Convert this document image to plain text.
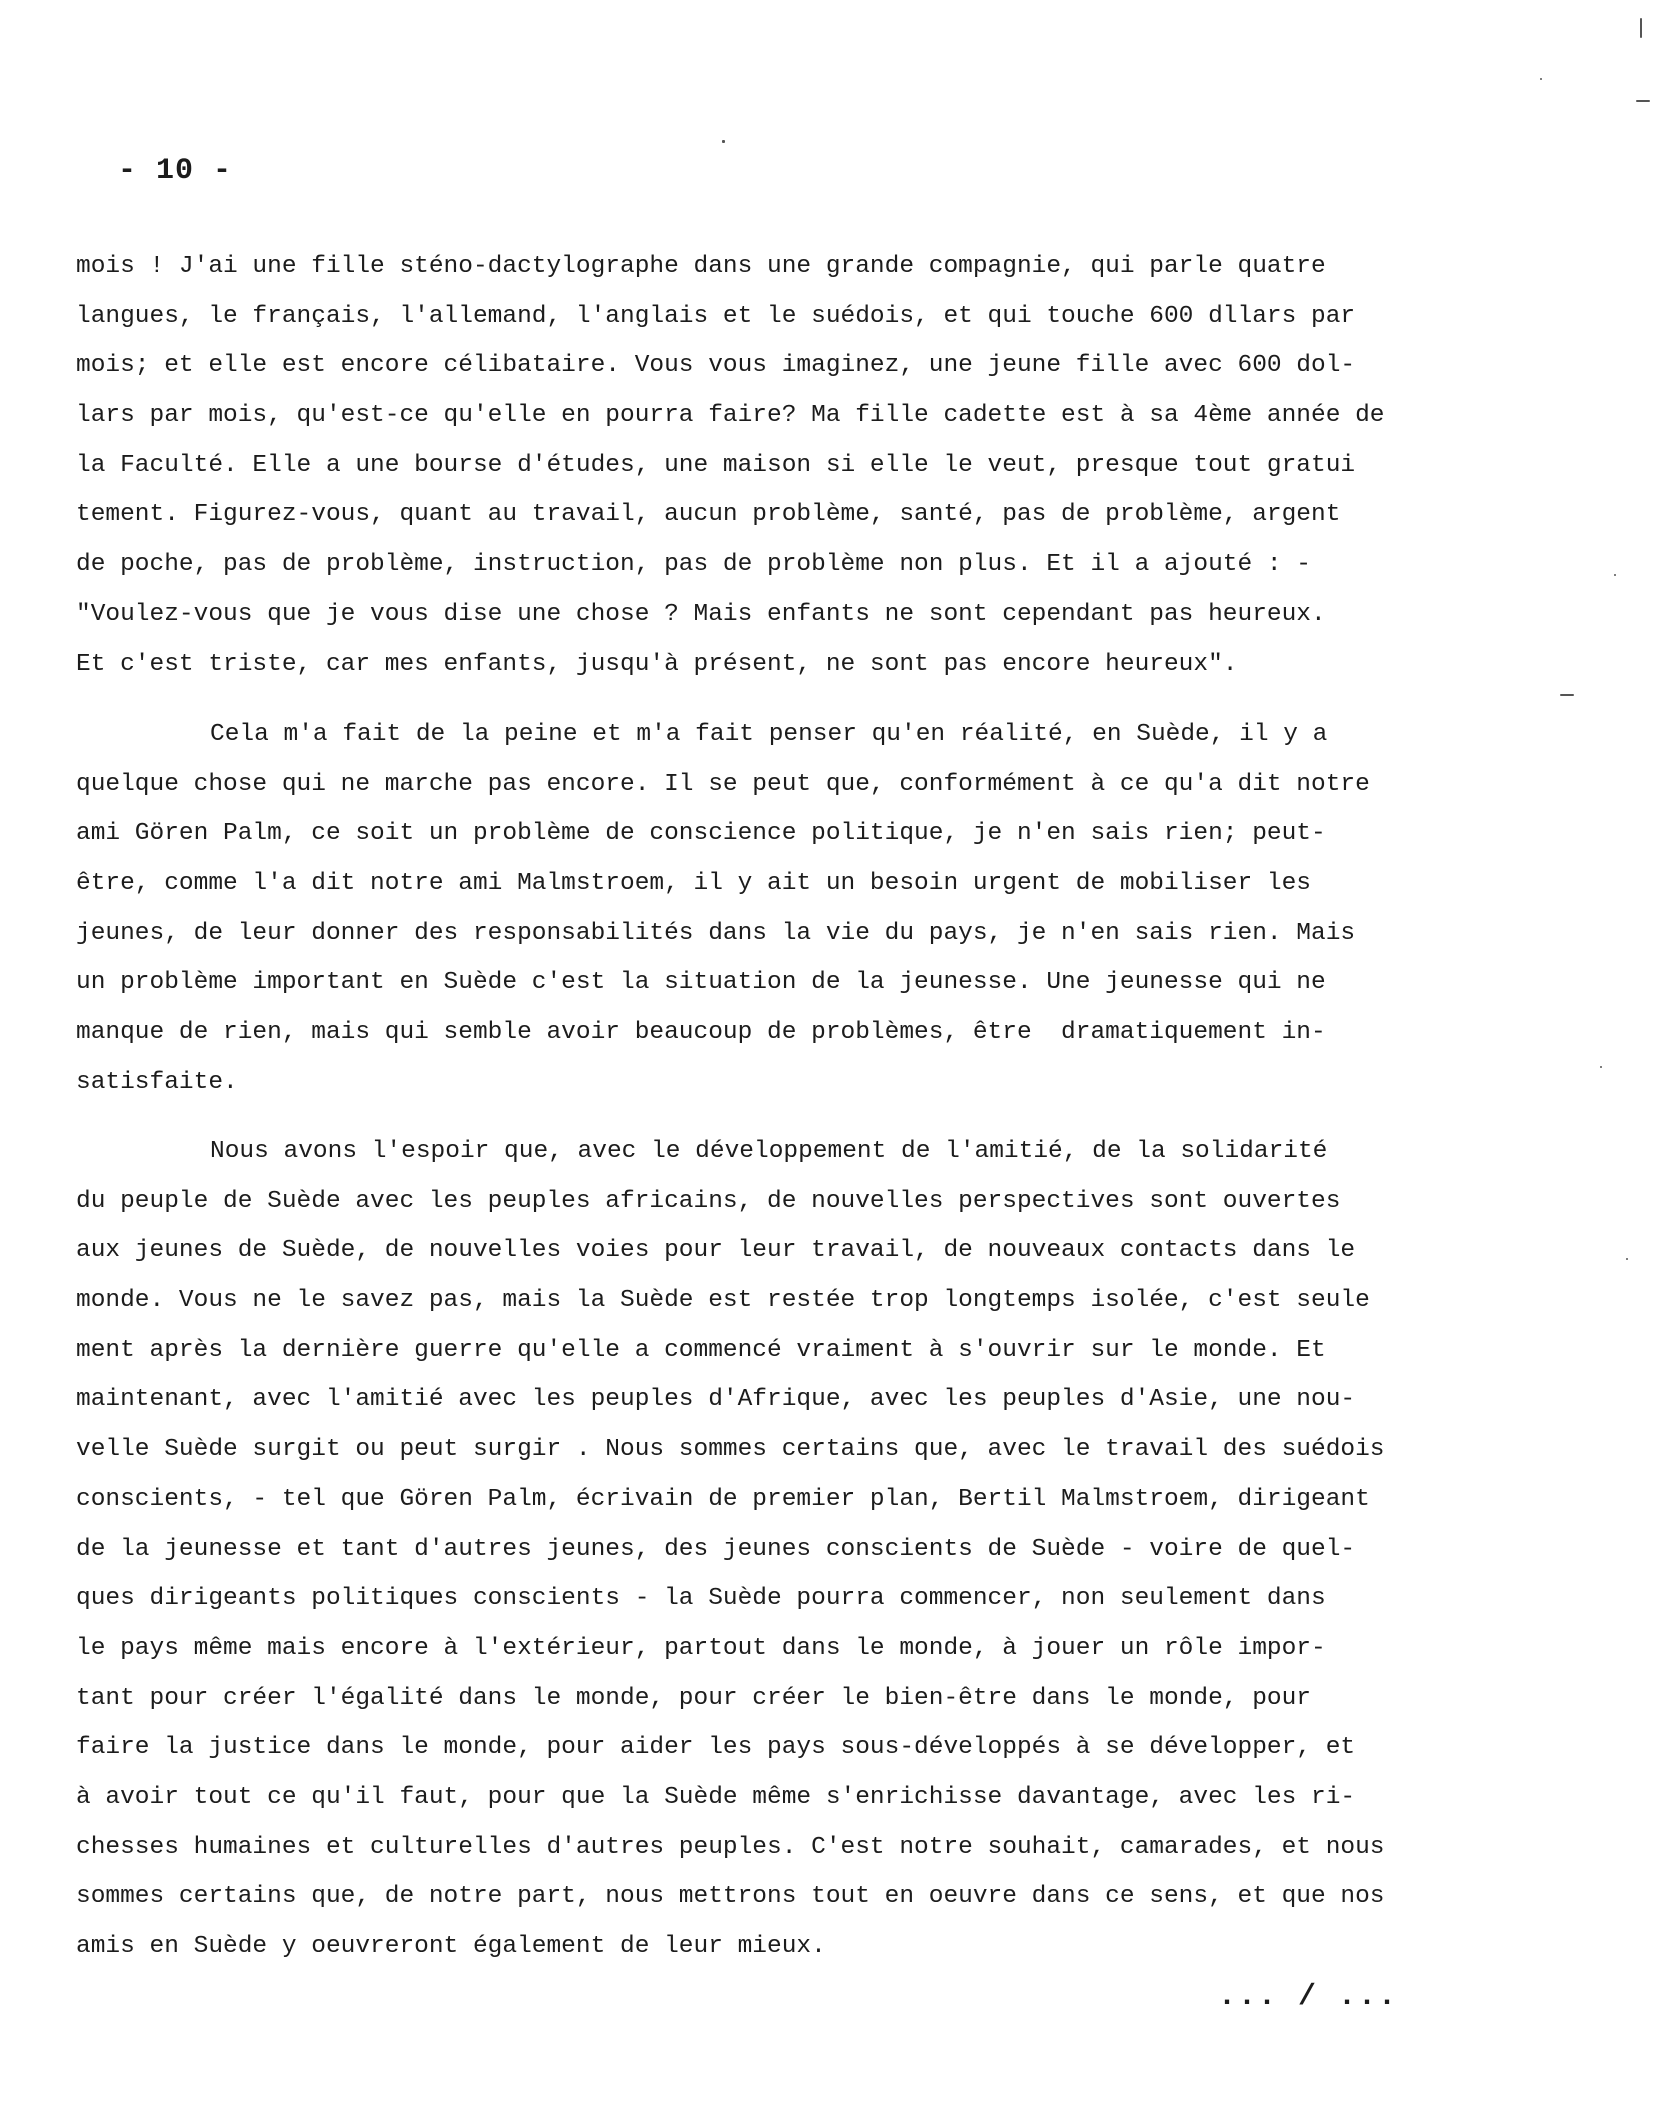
- 10 -
mois ! J'ai une fille sténo-dactylographe dans une grande compagnie, qui parle quatre
langues, le français, l'allemand, l'anglais et le suédois, et qui touche 600 dllars par
mois; et elle est encore célibataire. Vous vous imaginez, une jeune fille avec 600 dol-
lars par mois, qu'est-ce qu'elle en pourra faire? Ma fille cadette est à sa 4ème année de
la Faculté. Elle a une bourse d'études, une maison si elle le veut, presque tout gratui
tement. Figurez-vous, quant au travail, aucun problème, santé, pas de problème, argent
de poche, pas de problème, instruction, pas de problème non plus. Et il a ajouté : -
"Voulez-vous que je vous dise une chose ? Mais enfants ne sont cependant pas heureux.
Et c'est triste, car mes enfants, jusqu'à présent, ne sont pas encore heureux".
Cela m'a fait de la peine et m'a fait penser qu'en réalité, en Suède, il y a
quelque chose qui ne marche pas encore. Il se peut que, conformément à ce qu'a dit notre
ami Gören Palm, ce soit un problème de conscience politique, je n'en sais rien; peut-
être, comme l'a dit notre ami Malmstroem, il y ait un besoin urgent de mobiliser les
jeunes, de leur donner des responsabilités dans la vie du pays, je n'en sais rien. Mais
un problème important en Suède c'est la situation de la jeunesse. Une jeunesse qui ne
manque de rien, mais qui semble avoir beaucoup de problèmes, être  dramatiquement in-
satisfaite.
Nous avons l'espoir que, avec le développement de l'amitié, de la solidarité
du peuple de Suède avec les peuples africains, de nouvelles perspectives sont ouvertes
aux jeunes de Suède, de nouvelles voies pour leur travail, de nouveaux contacts dans le
monde. Vous ne le savez pas, mais la Suède est restée trop longtemps isolée, c'est seule
ment après la dernière guerre qu'elle a commencé vraiment à s'ouvrir sur le monde. Et
maintenant, avec l'amitié avec les peuples d'Afrique, avec les peuples d'Asie, une nou-
velle Suède surgit ou peut surgir . Nous sommes certains que, avec le travail des suédois
conscients, - tel que Gören Palm, écrivain de premier plan, Bertil Malmstroem, dirigeant
de la jeunesse et tant d'autres jeunes, des jeunes conscients de Suède - voire de quel-
ques dirigeants politiques conscients - la Suède pourra commencer, non seulement dans
le pays même mais encore à l'extérieur, partout dans le monde, à jouer un rôle impor-
tant pour créer l'égalité dans le monde, pour créer le bien-être dans le monde, pour
faire la justice dans le monde, pour aider les pays sous-développés à se développer, et
à avoir tout ce qu'il faut, pour que la Suède même s'enrichisse davantage, avec les ri-
chesses humaines et culturelles d'autres peuples. C'est notre souhait, camarades, et nous
sommes certains que, de notre part, nous mettrons tout en oeuvre dans ce sens, et que nos
amis en Suède y oeuvreront également de leur mieux.
... / ...
